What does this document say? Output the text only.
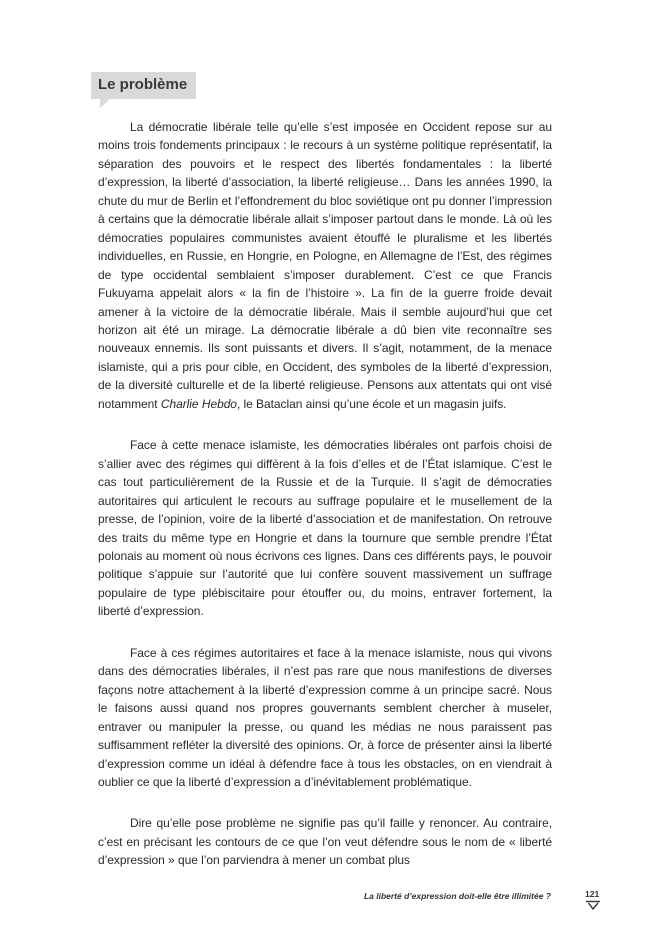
Le problème

La démocratie libérale telle qu’elle s’est imposée en Occident repose sur au moins trois fondements principaux : le recours à un système politique représentatif, la séparation des pouvoirs et le respect des libertés fondamentales : la liberté d’expression, la liberté d’association, la liberté religieuse… Dans les années 1990, la chute du mur de Berlin et l’effondrement du bloc soviétique ont pu donner l’impression à certains que la démocratie libérale allait s’imposer partout dans le monde. Là où les démocraties populaires communistes avaient étouffé le pluralisme et les libertés individuelles, en Russie, en Hongrie, en Pologne, en Allemagne de l’Est, des régimes de type occidental semblaient s’imposer durablement. C’est ce que Francis Fukuyama appelait alors « la fin de l’histoire ». La fin de la guerre froide devait amener à la victoire de la démocratie libérale. Mais il semble aujourd’hui que cet horizon ait été un mirage. La démocratie libérale a dû bien vite reconnaître ses nouveaux ennemis. Ils sont puissants et divers. Il s’agit, notamment, de la menace islamiste, qui a pris pour cible, en Occident, des symboles de la liberté d’expression, de la diversité culturelle et de la liberté religieuse. Pensons aux attentats qui ont visé notamment Charlie Hebdo, le Bataclan ainsi qu’une école et un magasin juifs.

Face à cette menace islamiste, les démocraties libérales ont parfois choisi de s’allier avec des régimes qui diffèrent à la fois d’elles et de l’État islamique. C’est le cas tout particulièrement de la Russie et de la Turquie. Il s’agit de démocraties autoritaires qui articulent le recours au suffrage populaire et le musellement de la presse, de l’opinion, voire de la liberté d’association et de manifestation. On retrouve des traits du même type en Hongrie et dans la tournure que semble prendre l’État polonais au moment où nous écrivons ces lignes. Dans ces différents pays, le pouvoir politique s’appuie sur l’autorité que lui confère souvent massivement un suffrage populaire de type plébiscitaire pour étouffer ou, du moins, entraver fortement, la liberté d’expression.

Face à ces régimes autoritaires et face à la menace islamiste, nous qui vivons dans des démocraties libérales, il n’est pas rare que nous manifestions de diverses façons notre attachement à la liberté d’expression comme à un principe sacré. Nous le faisons aussi quand nos propres gouvernants semblent chercher à museler, entraver ou manipuler la presse, ou quand les médias ne nous paraissent pas suffisamment refléter la diversité des opinions. Or, à force de présenter ainsi la liberté d’expression comme un idéal à défendre face à tous les obstacles, on en viendrait à oublier ce que la liberté d’expression a d’inévitablement problématique.

Dire qu’elle pose problème ne signifie pas qu’il faille y renoncer. Au contraire, c’est en précisant les contours de ce que l’on veut défendre sous le nom de « liberté d’expression » que l’on parviendra à mener un combat plus

La liberté d’expression doit-elle être illimitée ?	121
